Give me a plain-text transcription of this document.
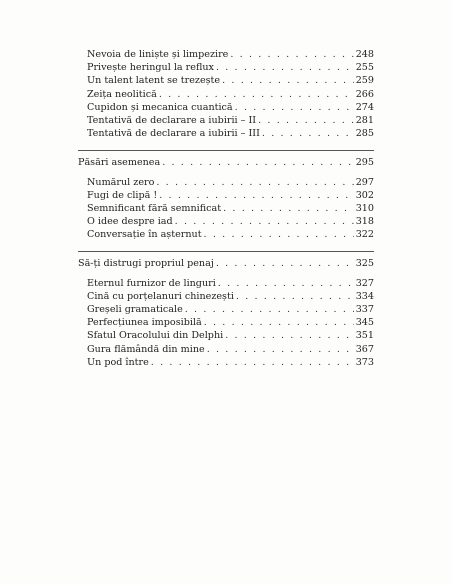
Nevoia de liniște și limpezire . . .	248
Privește heringul la reflux . . .	255
Un talent latent se trezește . . .	259
Zeița neolitică . . .	266
Cupidon și mecanica cuantică . . .	274
Tentativă de declarare a iubirii – II . . .	281
Tentativă de declarare a iubirii – III . . .	285
Păsări asemenea . . .	295
Numărul zero . . .	297
Fugi de clipă ! . . .	302
Semnificant fără semnificat . . .	310
O idee despre iad . . .	318
Conversație în așternut . . .	322
Să-ți distrugi propriul penaj . . .	325
Eternul furnizor de linguri . . .	327
Cină cu porțelanuri chinezești . . .	334
Greșeli gramaticale . . .	337
Perfecțiunea imposibilă . . .	345
Sfatul Oracolului din Delphi . . .	351
Gura flămândă din mine . . .	367
Un pod între . . .	373
